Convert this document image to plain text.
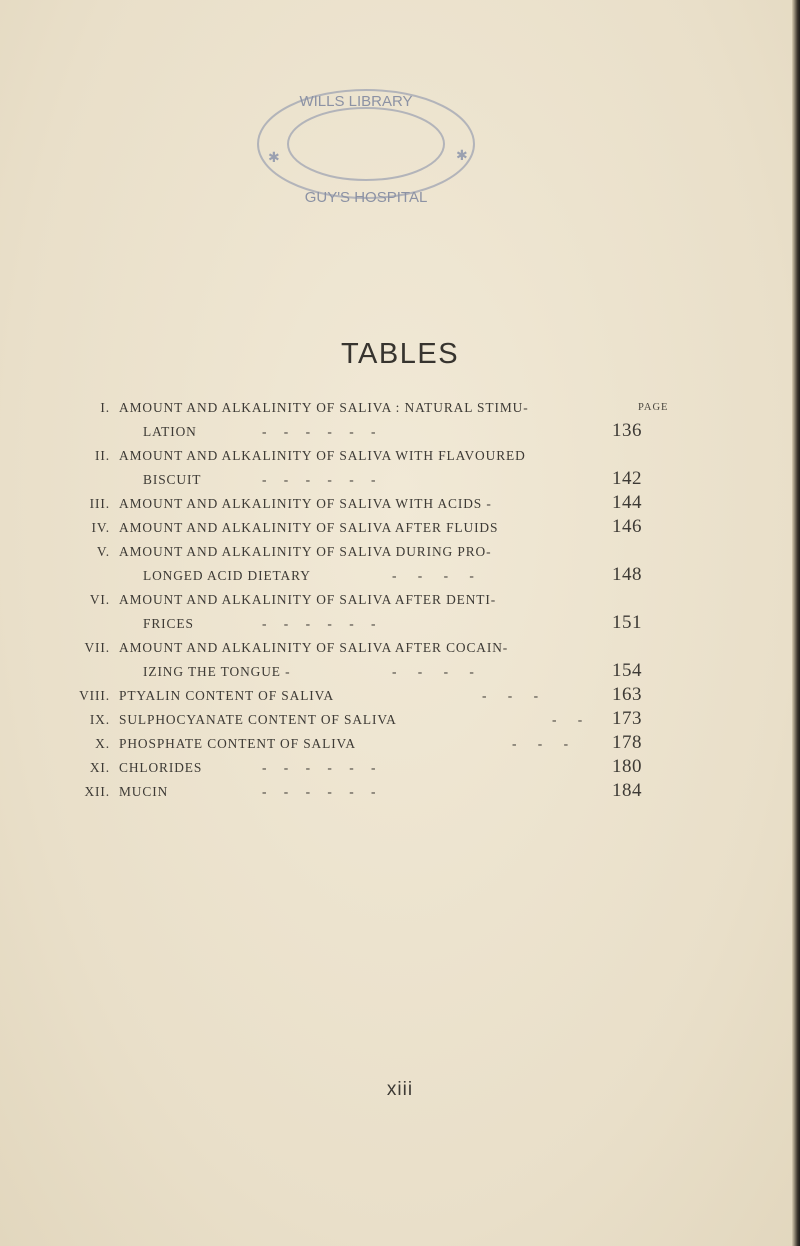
WILLS LIBRARY
GUY'S HOSPITAL
✱	✱
TABLES
PAGE
I. AMOUNT AND ALKALINITY OF SALIVA : NATURAL STIMU-
LATION	- - - - - -	136
II. AMOUNT AND ALKALINITY OF SALIVA WITH FLAVOURED
BISCUIT	- - - - - -	142
III. AMOUNT AND ALKALINITY OF SALIVA WITH ACIDS -	144
IV. AMOUNT AND ALKALINITY OF SALIVA AFTER FLUIDS	146
V. AMOUNT AND ALKALINITY OF SALIVA DURING PRO-
LONGED ACID DIETARY	- - - -	148
VI. AMOUNT AND ALKALINITY OF SALIVA AFTER DENTI-
FRICES	- - - - - -	151
VII. AMOUNT AND ALKALINITY OF SALIVA AFTER COCAIN-
IZING THE TONGUE -	- - - -	154
VIII. PTYALIN CONTENT OF SALIVA	- - -	163
IX. SULPHOCYANATE CONTENT OF SALIVA	- - 173
X. PHOSPHATE CONTENT OF SALIVA	- - - 178
XI. CHLORIDES	- - - - - -	180
XII. MUCIN	- - - - - -	184
xiii
